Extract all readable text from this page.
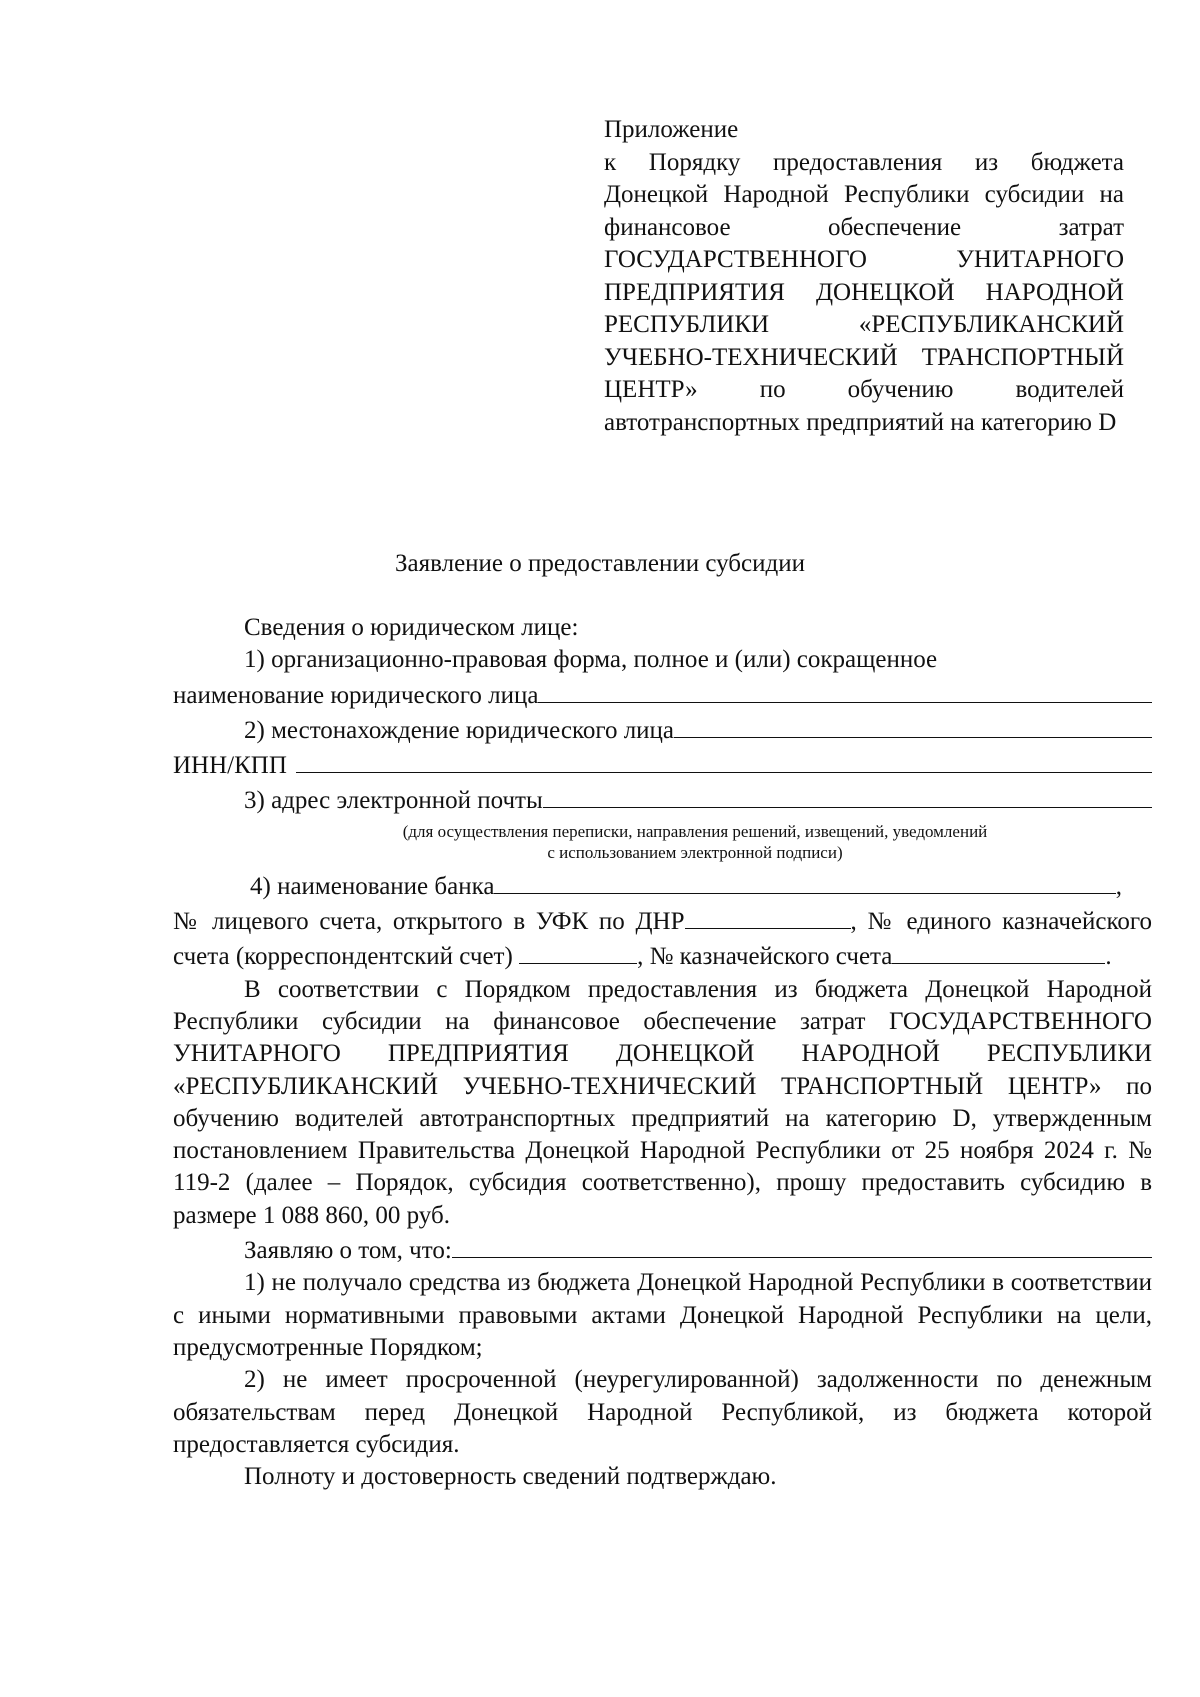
Приложение
к Порядку предоставления из бюджета Донецкой Народной Республики субсидии на финансовое обеспечение затрат ГОСУДАРСТВЕННОГО УНИТАРНОГО ПРЕДПРИЯТИЯ ДОНЕЦКОЙ НАРОДНОЙ РЕСПУБЛИКИ «РЕСПУБЛИКАНСКИЙ УЧЕБНО-ТЕХНИЧЕСКИЙ ТРАНСПОРТНЫЙ ЦЕНТР» по обучению водителей автотранспортных предприятий на категорию D
Заявление о предоставлении субсидии

Сведения о юридическом лице:

1) организационно-правовая форма, полное и (или) сокращенное

наименование юридического лица
2) местонахождение юридического лица
ИНН/КПП
3) адрес электронной почты

(для осуществления переписки, направления решений, извещений, уведомлений

с использованием электронной подписи)

4) наименование банка	,

№ лицевого счета, открытого в УФК по ДНР	, № единого казначейского счета (корреспондентский счет)	, № казначейского счета	.

В соответствии с Порядком предоставления из бюджета Донецкой Народной Республики субсидии на финансовое обеспечение затрат ГОСУДАРСТВЕННОГО УНИТАРНОГО ПРЕДПРИЯТИЯ ДОНЕЦКОЙ НАРОДНОЙ РЕСПУБЛИКИ «РЕСПУБЛИКАНСКИЙ УЧЕБНО-ТЕХНИЧЕСКИЙ ТРАНСПОРТНЫЙ ЦЕНТР» по обучению водителей автотранспортных предприятий на категорию D, утвержденным постановлением Правительства Донецкой Народной Республики от 25 ноября 2024 г. № 119-2 (далее – Порядок, субсидия соответственно), прошу предоставить субсидию в размере 1 088 860, 00 руб.

Заявляю о том, что:

1) не получало средства из бюджета Донецкой Народной Республики в соответствии с иными нормативными правовыми актами Донецкой Народной Республики на цели, предусмотренные Порядком;

2) не имеет просроченной (неурегулированной) задолженности по денежным обязательствам перед Донецкой Народной Республикой, из бюджета которой предоставляется субсидия.

Полноту и достоверность сведений подтверждаю.
